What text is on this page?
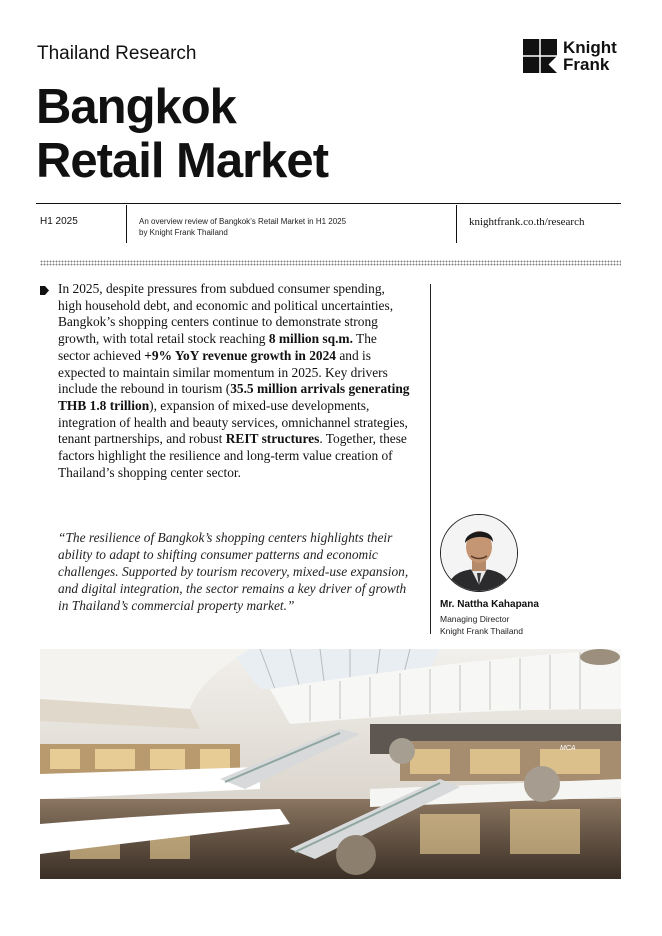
Thailand Research
Bangkok
Retail Market
Knight
Frank
H1 2025	An overview review of Bangkok’s Retail Market in H1 2025
by Knight Frank Thailand
knightfrank.co.th/research
In 2025, despite pressures from subdued consumer spending, high household debt, and economic and political uncertainties, Bangkok’s shopping centers continue to demonstrate strong growth, with total retail stock reaching 8 million sq.m. The sector achieved +9% YoY revenue growth in 2024 and is expected to maintain similar momentum in 2025. Key drivers include the rebound in tourism (35.5 million arrivals generating THB 1.8 trillion), expansion of mixed-use developments, integration of health and beauty services, omnichannel strategies, tenant partnerships, and robust REIT structures. Together, these factors highlight the resilience and long-term value creation of Thailand’s shopping center sector.
“The resilience of Bangkok’s shopping centers highlights their ability to adapt to shifting consumer patterns and economic challenges. Supported by tourism recovery, mixed-use expansion, and digital integration, the sector remains a key driver of growth in Thailand’s commercial property market.”	Mr. Nattha Kahapana
Managing Director
Knight Frank Thailand
MCA
